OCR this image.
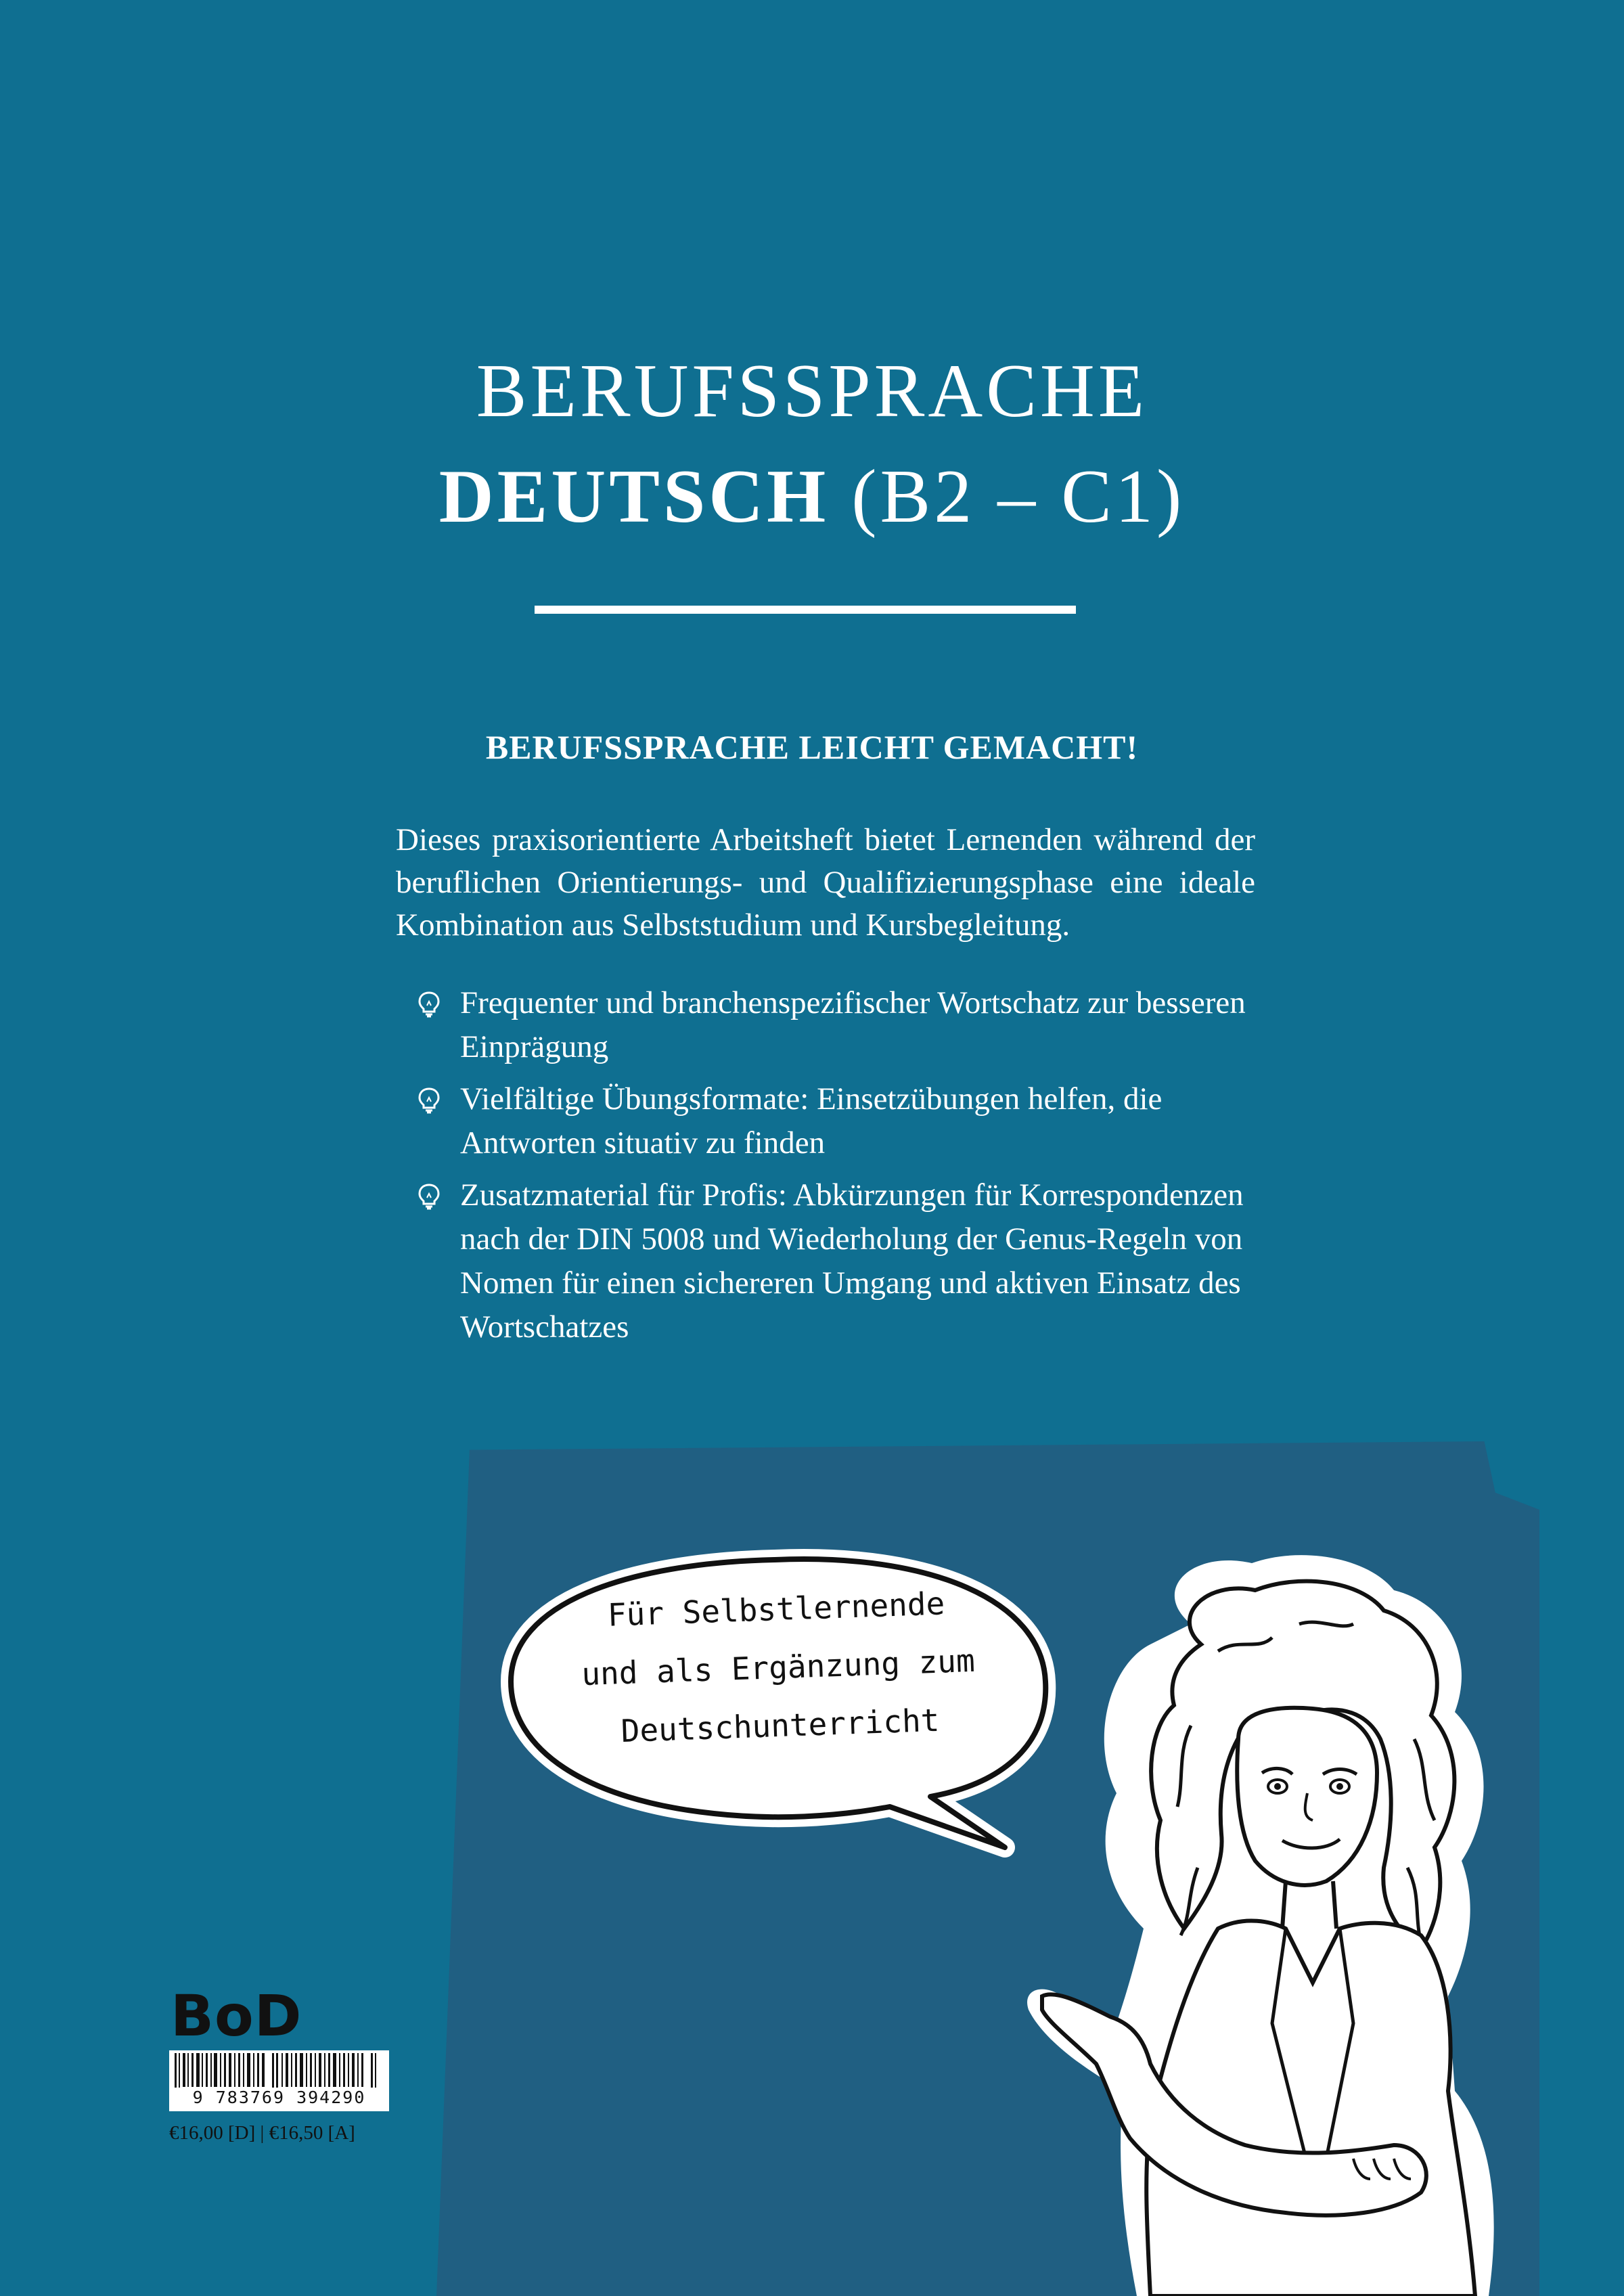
BERUFSSPRACHE
DEUTSCH (B2 – C1)
BERUFSSPRACHE LEICHT GEMACHT!

Dieses praxisorientierte Arbeitsheft bietet Lernenden während der beruflichen Orientierungs- und Qualifizierungsphase eine ideale Kombination aus Selbststudium und Kursbegleitung.

Frequenter und branchenspezifischer Wortschatz zur besseren Einprägung
Vielfältige Übungsformate: Einsetzübungen helfen, die Antworten situativ zu finden
Zusatzmaterial für Profis: Abkürzungen für Korrespondenzen nach der DIN 5008 und Wiederholung der Genus-Regeln von Nomen für einen sichereren Umgang und aktiven Einsatz des Wortschatzes
Für Selbstlernende
und als Ergänzung zum
Deutschunterricht
BoD
9 783769 394290
€16,00 [D] | €16,50 [A]
